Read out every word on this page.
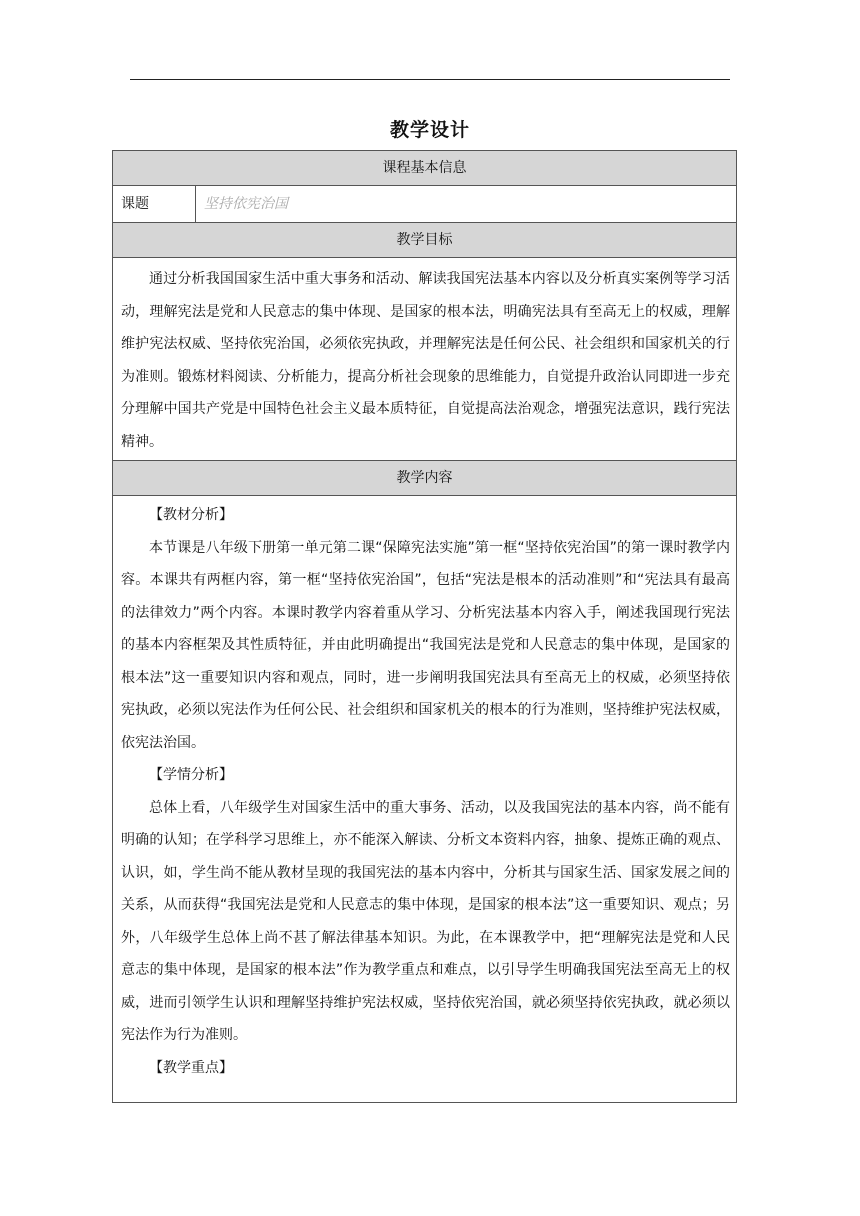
教学设计
课程基本信息
课题	坚持依宪治国
教学目标

通过分析我国国家生活中重大事务和活动、解读我国宪法基本内容以及分析真实案例等学习活动，理解宪法是党和人民意志的集中体现、是国家的根本法，明确宪法具有至高无上的权威，理解维护宪法权威、坚持依宪治国，必须依宪执政，并理解宪法是任何公民、社会组织和国家机关的行为准则。锻炼材料阅读、分析能力，提高分析社会现象的思维能力，自觉提升政治认同即进一步充分理解中国共产党是中国特色社会主义最本质特征，自觉提高法治观念，增强宪法意识，践行宪法精神。

教学内容

【教材分析】

本节课是八年级下册第一单元第二课“保障宪法实施”第一框“坚持依宪治国”的第一课时教学内容。本课共有两框内容，第一框“坚持依宪治国”，包括“宪法是根本的活动准则”和“宪法具有最高的法律效力”两个内容。本课时教学内容着重从学习、分析宪法基本内容入手，阐述我国现行宪法的基本内容框架及其性质特征，并由此明确提出“我国宪法是党和人民意志的集中体现，是国家的根本法”这一重要知识内容和观点，同时，进一步阐明我国宪法具有至高无上的权威，必须坚持依宪执政，必须以宪法作为任何公民、社会组织和国家机关的根本的行为准则，坚持维护宪法权威，依宪法治国。

【学情分析】

总体上看，八年级学生对国家生活中的重大事务、活动，以及我国宪法的基本内容，尚不能有明确的认知；在学科学习思维上，亦不能深入解读、分析文本资料内容，抽象、提炼正确的观点、认识，如，学生尚不能从教材呈现的我国宪法的基本内容中，分析其与国家生活、国家发展之间的关系，从而获得“我国宪法是党和人民意志的集中体现，是国家的根本法”这一重要知识、观点；另外，八年级学生总体上尚不甚了解法律基本知识。为此，在本课教学中，把“理解宪法是党和人民意志的集中体现，是国家的根本法”作为教学重点和难点，以引导学生明确我国宪法至高无上的权威，进而引领学生认识和理解坚持维护宪法权威，坚持依宪治国，就必须坚持依宪执政，就必须以宪法作为行为准则。

【教学重点】
